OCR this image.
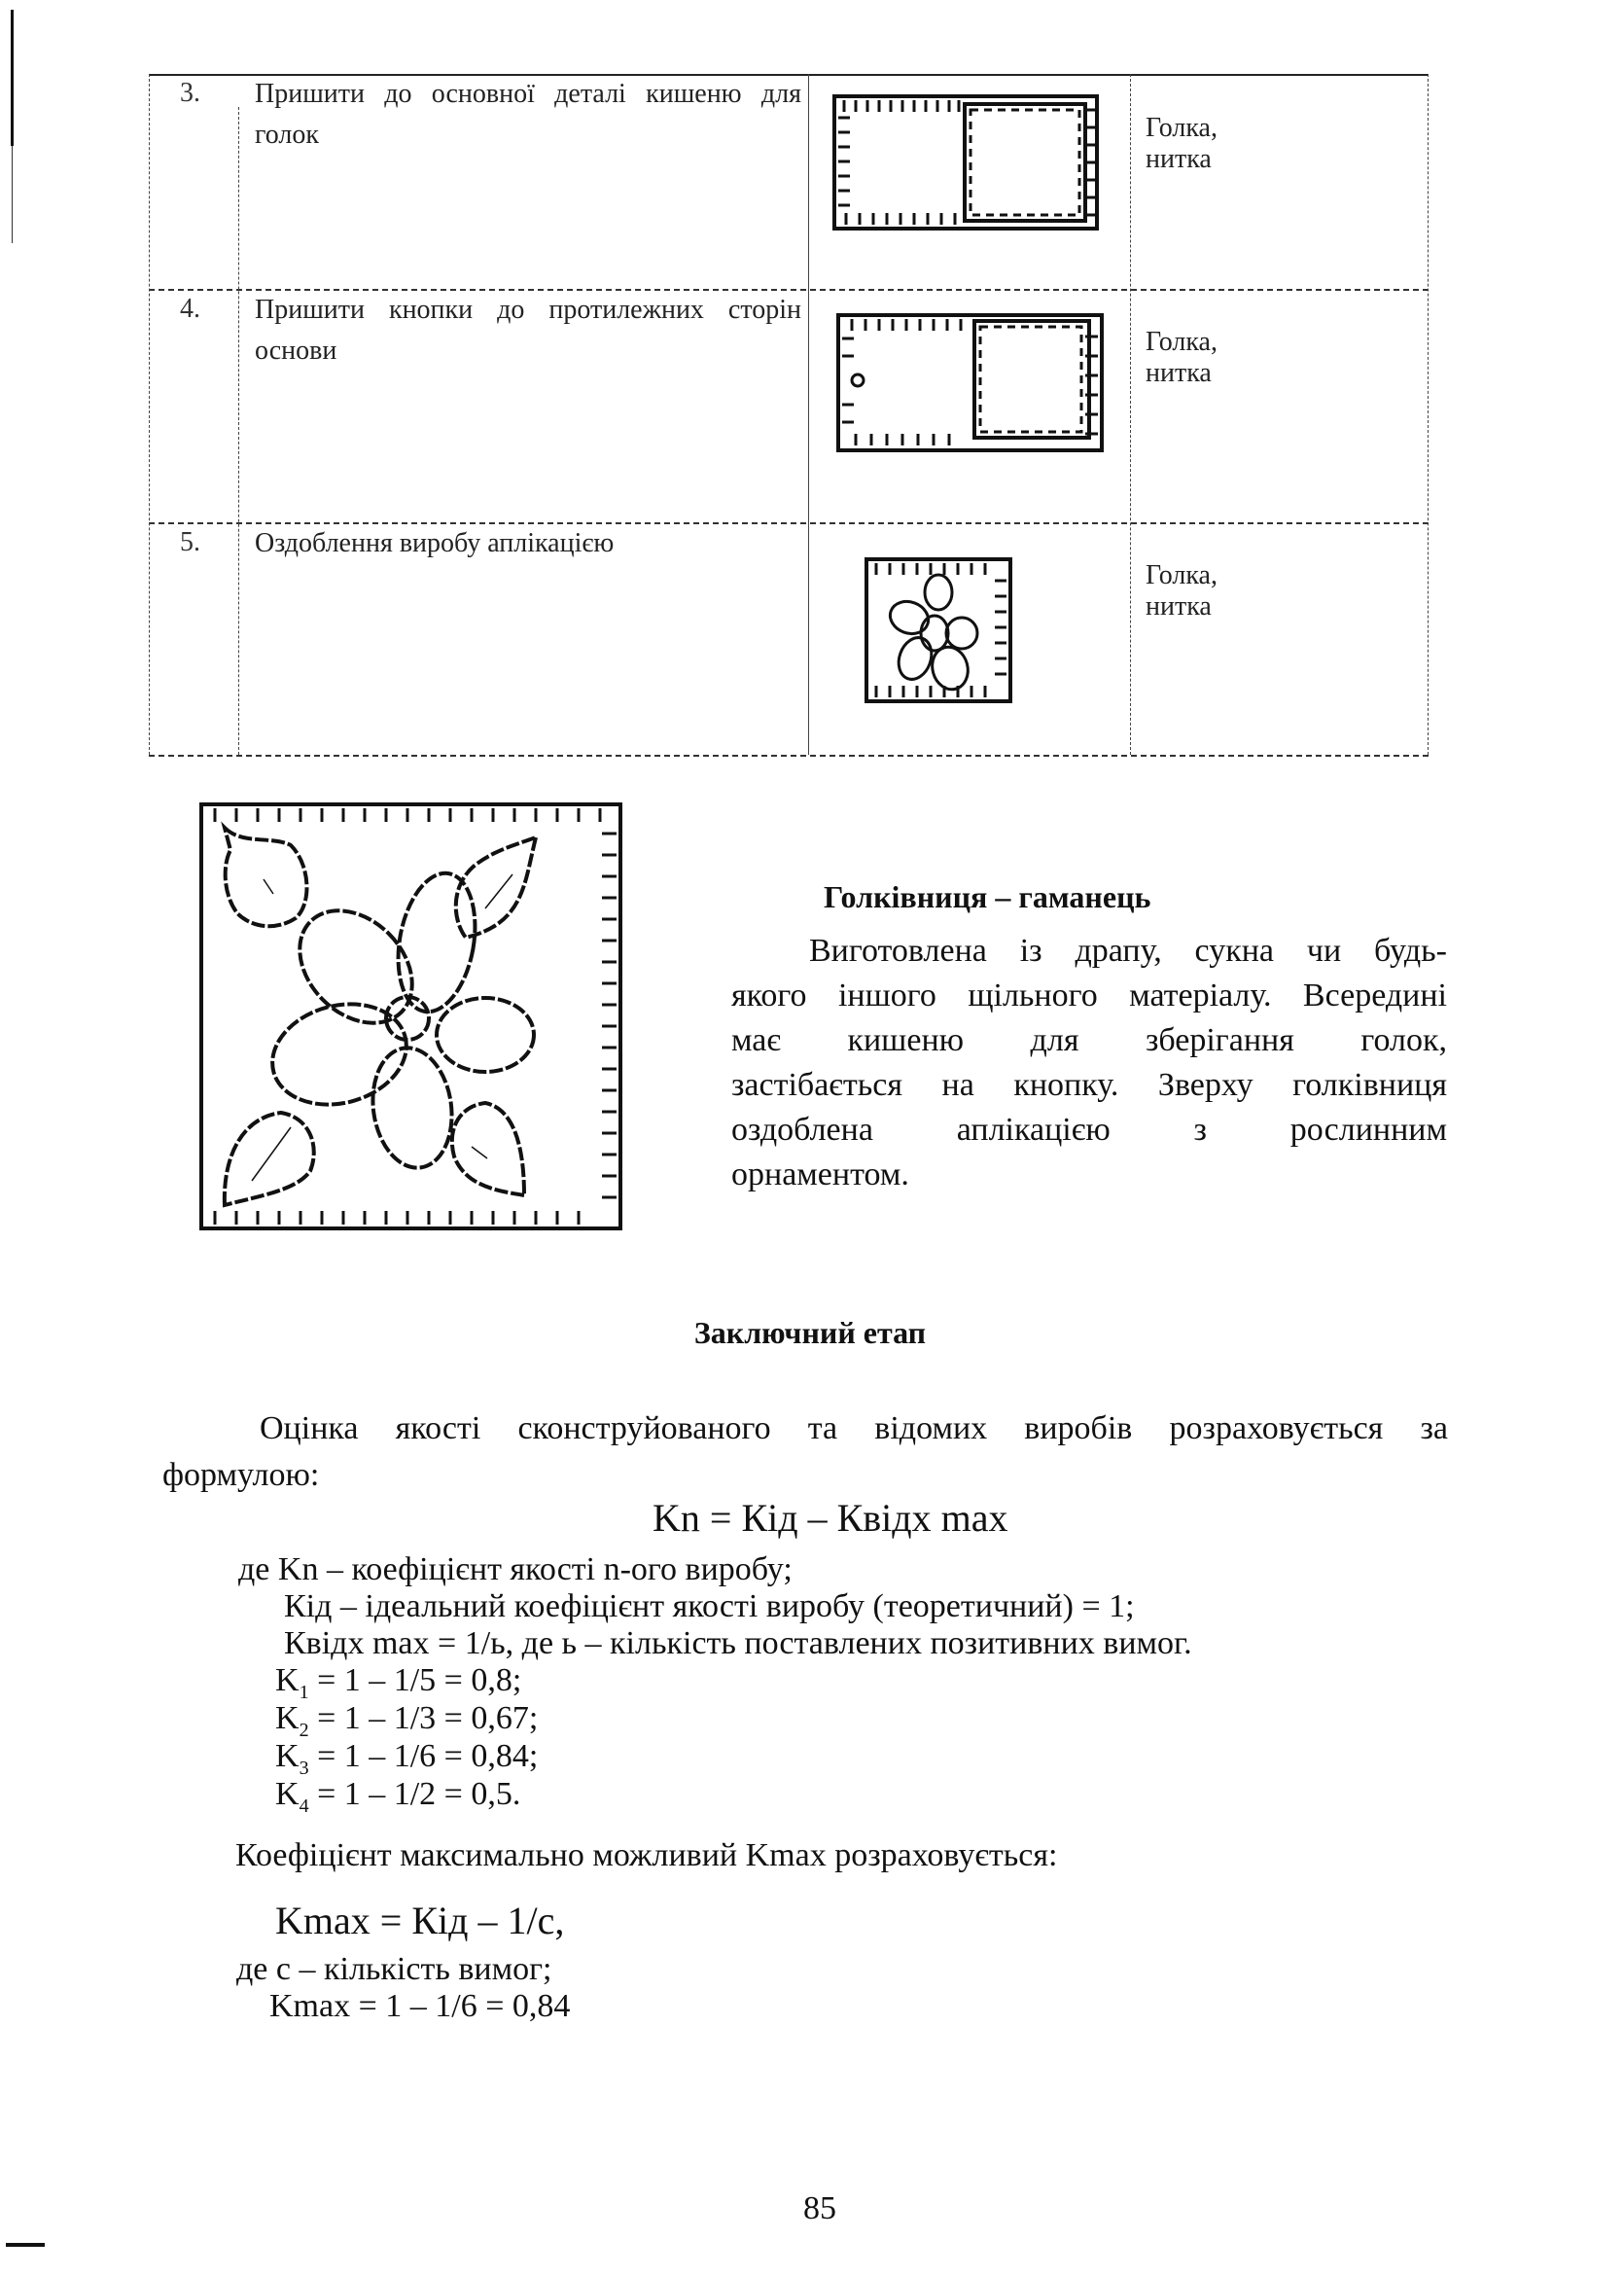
3. Пришити до основної деталі кишеню для голок	Голка, нитка
4. Пришити кнопки до протилежних сторін основи	Голка, нитка
5. Оздоблення виробу аплікацією
Голка, нитка
Голківниця – гаманець
Виготовлена із драпу, сукна чи будь-
якого іншого щільного матеріалу. Всередині
має кишеню для зберігання голок,
застібається на кнопку. Зверху голківниця
оздоблена аплікацією з рослинним
орнаментом.
Заключний етап
Оцінка якості сконструйованого та відомих виробів розраховується за
формулою:
Kn = Кід – Квідх max
де Kn – коефіцієнт якості n-ого виробу;
Кід – ідеальний коефіцієнт якості виробу (теоретичний) = 1;
Квідх max = 1/ь, де ь – кількість поставлених позитивних вимог.
$K_1 = 1 - 1/5 = 0,8$;
$K_2 = 1 - 1/3 = 0,67$;
$K_3 = 1 - 1/6 = 0,84$;
$K_4 = 1 - 1/2 = 0,5$.
Коефіцієнт максимально можливий Kmax розраховується:
Kmax = Кід – 1/с,
де с – кількість вимог;
Kmax = 1 – 1/6 = 0,84
85
